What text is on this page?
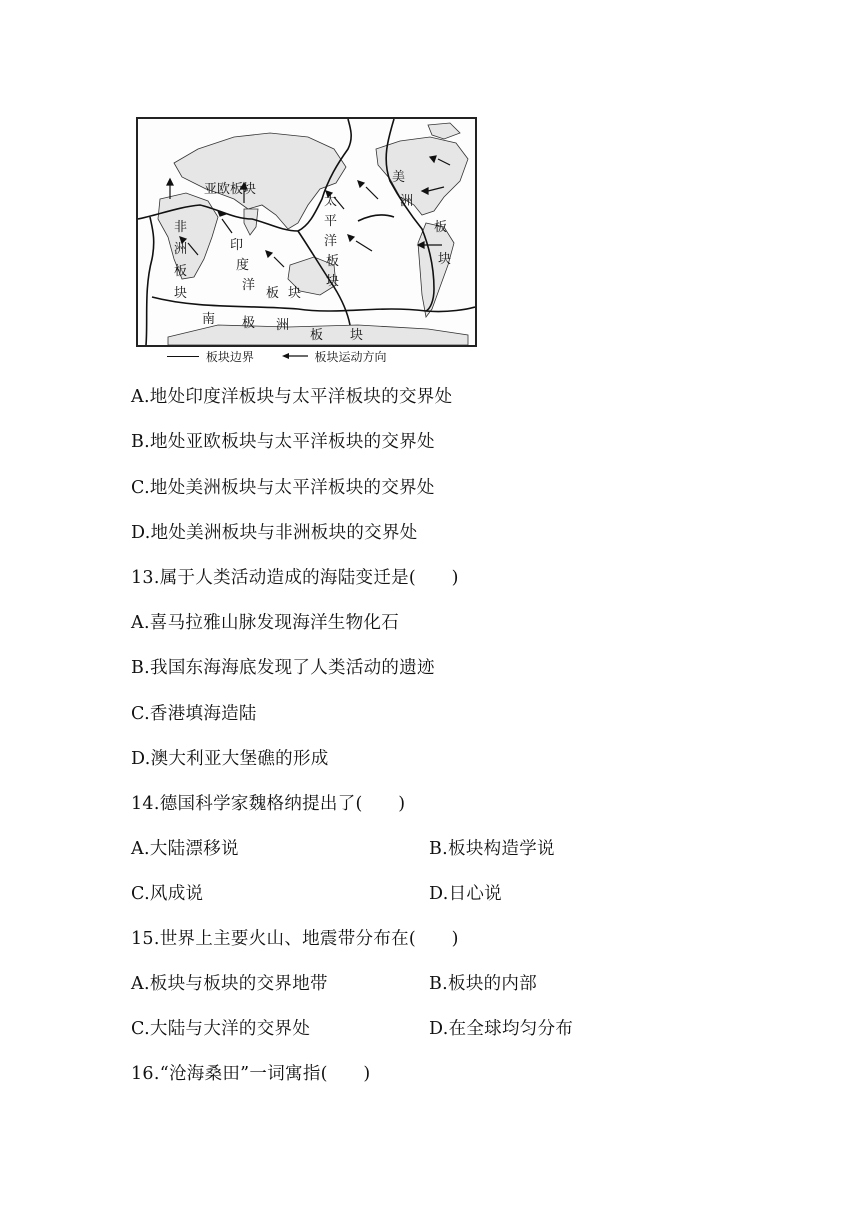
亚欧板块
非
洲
板
块
印
度
洋
板 块
太
平
洋
板
块
美
洲
板
块
南 极 洲
板 块
板块边界	板块运动方向
A.地处印度洋板块与太平洋板块的交界处
B.地处亚欧板块与太平洋板块的交界处
C.地处美洲板块与太平洋板块的交界处
D.地处美洲板块与非洲板块的交界处
13.属于人类活动造成的海陆变迁是(　　)
A.喜马拉雅山脉发现海洋生物化石
B.我国东海海底发现了人类活动的遗迹
C.香港填海造陆
D.澳大利亚大堡礁的形成
14.德国科学家魏格纳提出了(　　)
A.大陆漂移说	B.板块构造学说
C.风成说	D.日心说
15.世界上主要火山、地震带分布在(　　)
A.板块与板块的交界地带	B.板块的内部
C.大陆与大洋的交界处	D.在全球均匀分布
16.“沧海桑田”一词寓指(　　)
